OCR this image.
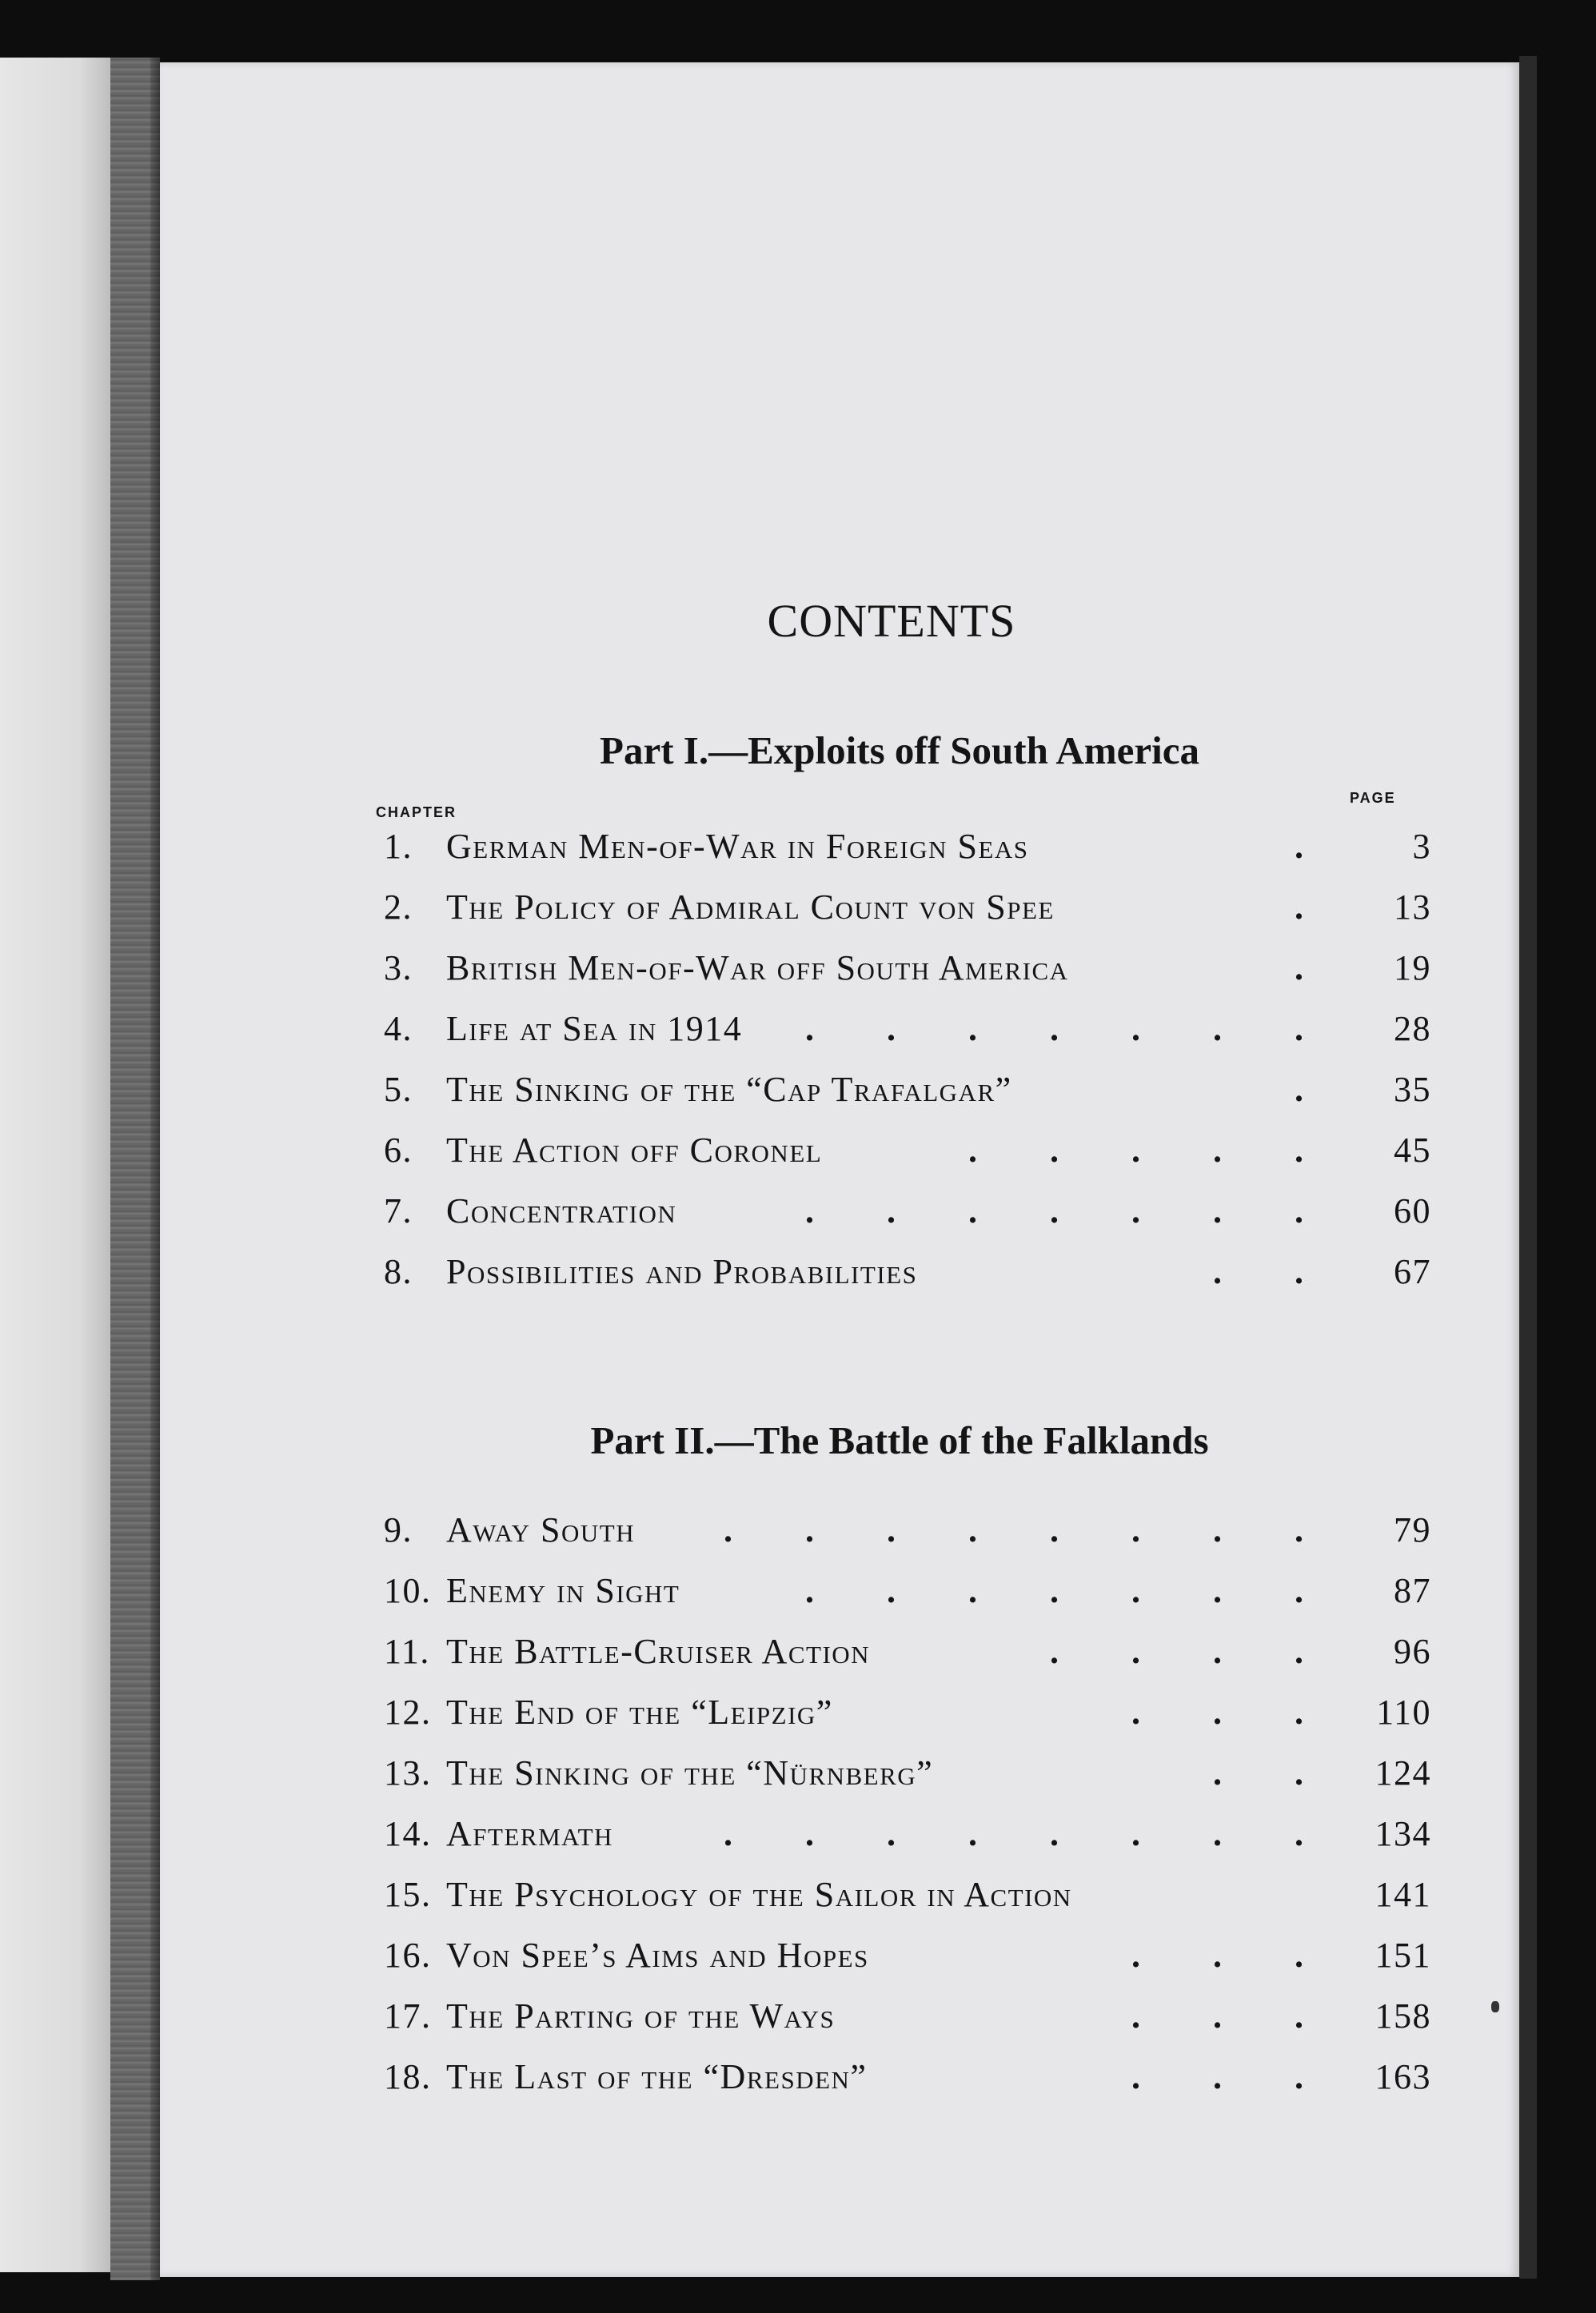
CONTENTS
Part I.—Exploits off South America
CHAPTER
PAGE
1. German Men-of-War in Foreign Seas	.	3
2. The Policy of Admiral Count von Spee	.	13
3. British Men-of-War off South America	.	19
4. Life at Sea in 1914 . . . . . . .	28
5. The Sinking of the “Cap Trafalgar”	.	35
6. The Action off Coronel	. . . . .	45
7. Concentration	. . . . . . .	60
8. Possibilities and Probabilities	. .	67
Part II.—The Battle of the Falklands
9. Away South	. . . . . . . .	79
10. Enemy in Sight	. . . . . . .	87
11. The Battle-Cruiser Action	. . . .	96
12. The End of the “Leipzig”	. . .	110
13. The Sinking of the “Nürnberg”	. .	124
14. Aftermath	. . . . . . . .	134
15. The Psychology of the Sailor in Action	141
16. Von Spee’s Aims and Hopes	. . .	151
17. The Parting of the Ways	. . .	158
18. The Last of the “Dresden”	. . .	163
